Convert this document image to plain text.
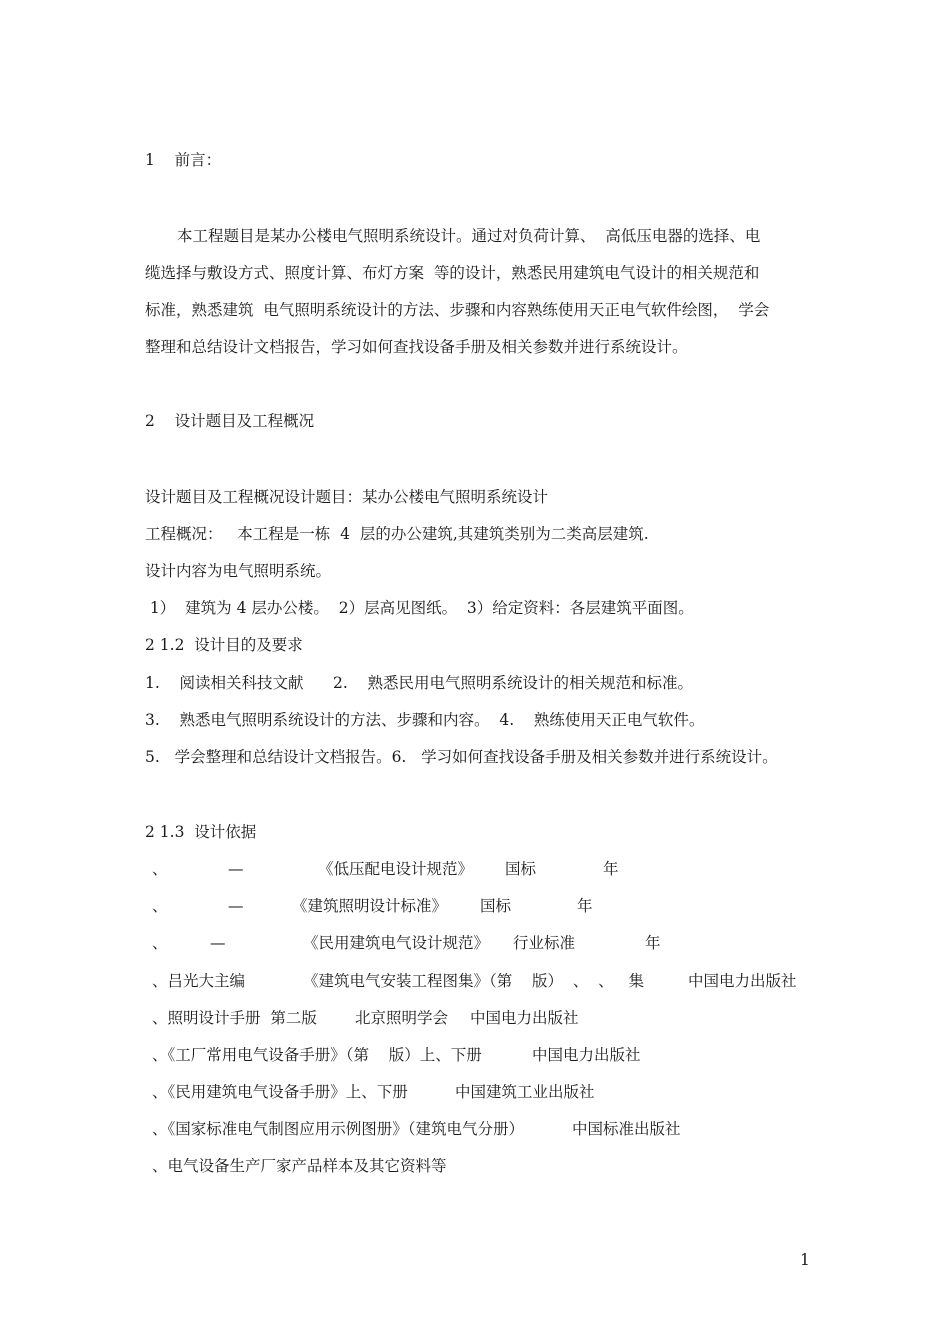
1    前言：
本工程题目是某办公楼电气照明系统设计。通过对负荷计算、  高低压电器的选择、电
缆选择与敷设方式、照度计算、布灯方案  等的设计，熟悉民用建筑电气设计的相关规范和
标准，熟悉建筑  电气照明系统设计的方法、步骤和内容熟练使用天正电气软件绘图，  学会
整理和总结设计文档报告，学习如何查找设备手册及相关参数并进行系统设计。
2    设计题目及工程概况
设计题目及工程概况设计题目：某办公楼电气照明系统设计
工程概况：   本工程是一栋  4  层的办公建筑,其建筑类别为二类高层建筑.
设计内容为电气照明系统。
1）  建筑为 4 层办公楼。  2）层高见图纸。  3）给定资料：各层建筑平面图。
2 1.2  设计目的及要求
1.    阅读相关科技文献      2.    熟悉民用电气照明系统设计的相关规范和标准。
3.    熟悉电气照明系统设计的方法、步骤和内容。  4.    熟练使用天正电气软件。
5.   学会整理和总结设计文档报告。6.   学习如何查找设备手册及相关参数并进行系统设计。
2 1.3  设计依据
、	—	《低压配电设计规范》 国标	年
、	—	《建筑照明设计标准》 国标	年
、	—	《民用建筑电气设计规范》 行业标准	年
、吕光大主编	《建筑电气安装工程图集》（第    版）  、  、   集	中国电力出版社
、照明设计手册  第二版 北京照明学会 中国电力出版社
、《工厂常用电气设备手册》（第    版）上、下册	中国电力出版社
、《民用建筑电气设备手册》上、下册	中国建筑工业出版社
、《国家标准电气制图应用示例图册》（建筑电气分册）	中国标准出版社
、电气设备生产厂家产品样本及其它资料等
1
